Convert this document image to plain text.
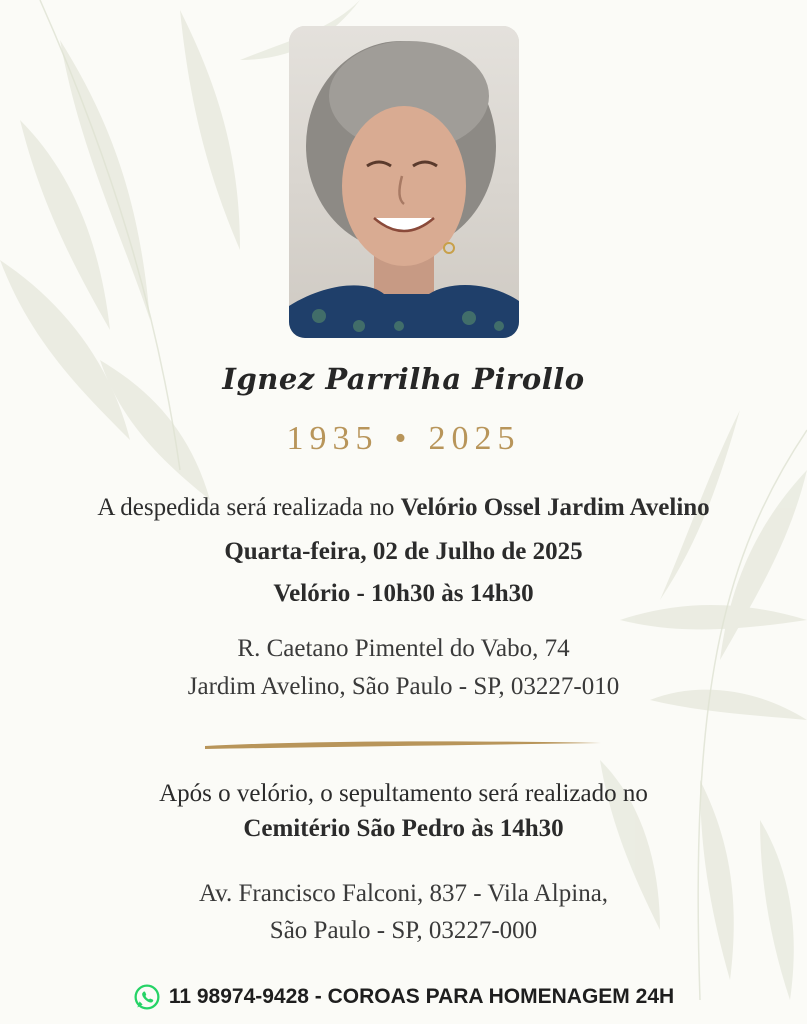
Ignez Parrilha Pirollo
1935 • 2025
A despedida será realizada no Velório Ossel Jardim Avelino
Quarta-feira, 02 de Julho de 2025
Velório - 10h30 às 14h30
R. Caetano Pimentel do Vabo, 74
Jardim Avelino, São Paulo - SP, 03227-010
Após o velório, o sepultamento será realizado no
Cemitério São Pedro às 14h30
Av. Francisco Falconi, 837 - Vila Alpina,
São Paulo - SP, 03227-000
11 98974-9428 - COROAS PARA HOMENAGEM 24H
